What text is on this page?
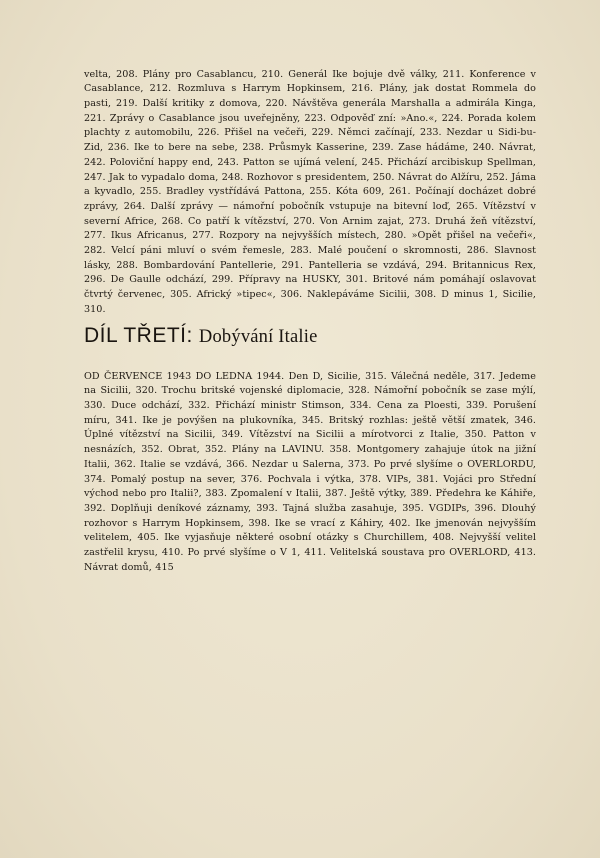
velta, 208. Plány pro Casablancu, 210. Generál Ike bojuje dvě války, 211. Konference v Casablance, 212. Rozmluva s Harrym Hopkinsem, 216. Plány, jak dostat Rommela do pasti, 219. Další kritiky z domova, 220. Návštěva generála Marshalla a admirála Kinga, 221. Zprávy o Casablance jsou uveřejněny, 223. Odpověď zní: »Ano.«, 224. Porada kolem plachty z automobilu, 226. Přišel na večeři, 229. Němci začínají, 233. Nezdar u Sidi-bu-Zid, 236. Ike to bere na sebe, 238. Průsmyk Kasserine, 239. Zase hádáme, 240. Návrat, 242. Poloviční happy end, 243. Patton se ujímá velení, 245. Přichází arcibiskup Spellman, 247. Jak to vypadalo doma, 248. Rozhovor s presidentem, 250. Návrat do Alžíru, 252. Jáma a kyvadlo, 255. Bradley vystřídává Pattona, 255. Kóta 609, 261. Počínají docházet dobré zprávy, 264. Další zprávy — námořní pobočník vstupuje na bitevní loď, 265. Vítězství v severní Africe, 268. Co patří k vítězství, 270. Von Arnim zajat, 273. Druhá žeň vítězství, 277. Ikus Africanus, 277. Rozpory na nejvyšších místech, 280. »Opět přišel na večeři«, 282. Velcí páni mluví o svém řemesle, 283. Malé poučení o skromnosti, 286. Slavnost lásky, 288. Bombardování Pantellerie, 291. Pantelleria se vzdává, 294. Britannicus Rex, 296. De Gaulle odchází, 299. Přípravy na HUSKY, 301. Britové nám pomáhají oslavovat čtvrtý červenec, 305. Africký »tipec«, 306. Naklepáváme Sicilii, 308. D minus 1, Sicilie, 310.

DÍL TŘETÍ: Dobývání Italie

OD ČERVENCE 1943 DO LEDNA 1944. Den D, Sicilie, 315. Válečná neděle, 317. Jedeme na Sicilii, 320. Trochu britské vojenské diplomacie, 328. Námořní pobočník se zase mýlí, 330. Duce odchází, 332. Přichází ministr Stimson, 334. Cena za Ploesti, 339. Porušení míru, 341. Ike je povýšen na plukovníka, 345. Britský rozhlas: ještě větší zmatek, 346. Úplné vítězství na Sicilii, 349. Vítězství na Sicilii a mírotvorci z Italie, 350. Patton v nesnázích, 352. Obrat, 352. Plány na LAVINU. 358. Montgomery zahajuje útok na jižní Italii, 362. Italie se vzdává, 366. Nezdar u Salerna, 373. Po prvé slyšíme o OVERLORDU, 374. Pomalý postup na sever, 376. Pochvala i výtka, 378. VIPs, 381. Vojáci pro Střední východ nebo pro Italii?, 383. Zpomalení v Italii, 387. Ještě výtky, 389. Předehra ke Káhiře, 392. Doplňuji deníkové záznamy, 393. Tajná služba zasahuje, 395. VGDIPs, 396. Dlouhý rozhovor s Harrym Hopkinsem, 398. Ike se vrací z Káhiry, 402. Ike jmenován nejvyšším velitelem, 405. Ike vyjasňuje některé osobní otázky s Churchillem, 408. Nejvyšší velitel zastřelil krysu, 410. Po prvé slyšíme o V 1, 411. Velitelská soustava pro OVERLORD, 413. Návrat domů, 415
